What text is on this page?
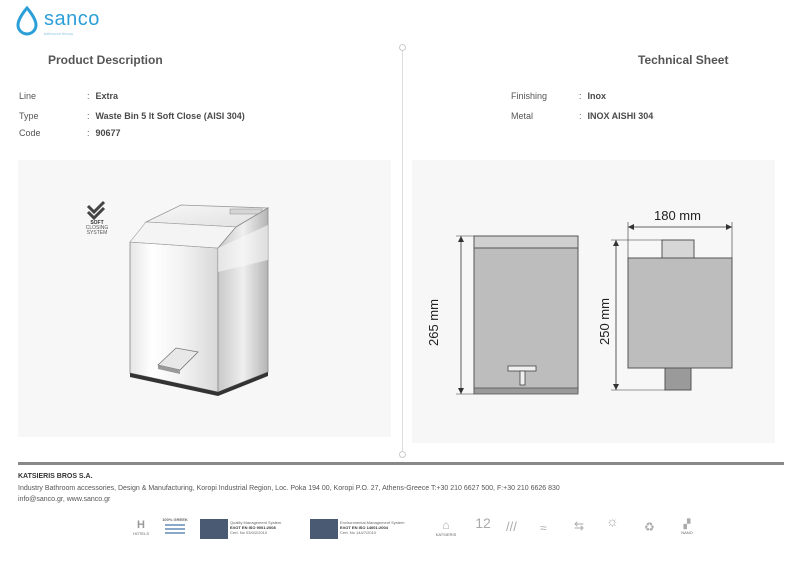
sanco
bathroom theory
Product Description	Technical Sheet
Line	: Extra
Type	: Waste Bin 5 lt Soft Close (AISI 304)
Code	: 90677
Finishing	: Inox
Metal	: INOX AISHI 304
SOFT
CLOSING
SYSTEM
265 mm	250 mm
180 mm
KATSIERIS BROS S.A.
Industry Bathroom accessories, Design & Manufacturing, Koropi Industrial Region, Loc. Poka 194 00, Koropi P.O. 27, Athens-Greece T:+30 210 6627 500, F:+30 210 6626 830
info@sanco.gr, www.sanco.gr
H
HOTELS
100% GREEK
Quality Management System
ΕΛΟΤ ΕΝ ISO 9001:2008
Cert. No 03/0/2/2010
Environmental Management System
ΕΛΟΤ ΕΝ ISO 14001:2004
Cert. No 144/7/2010
⌂
KATSIERIS
12	/// ≈ ⇆ ☼ ♻	▞
NANO
